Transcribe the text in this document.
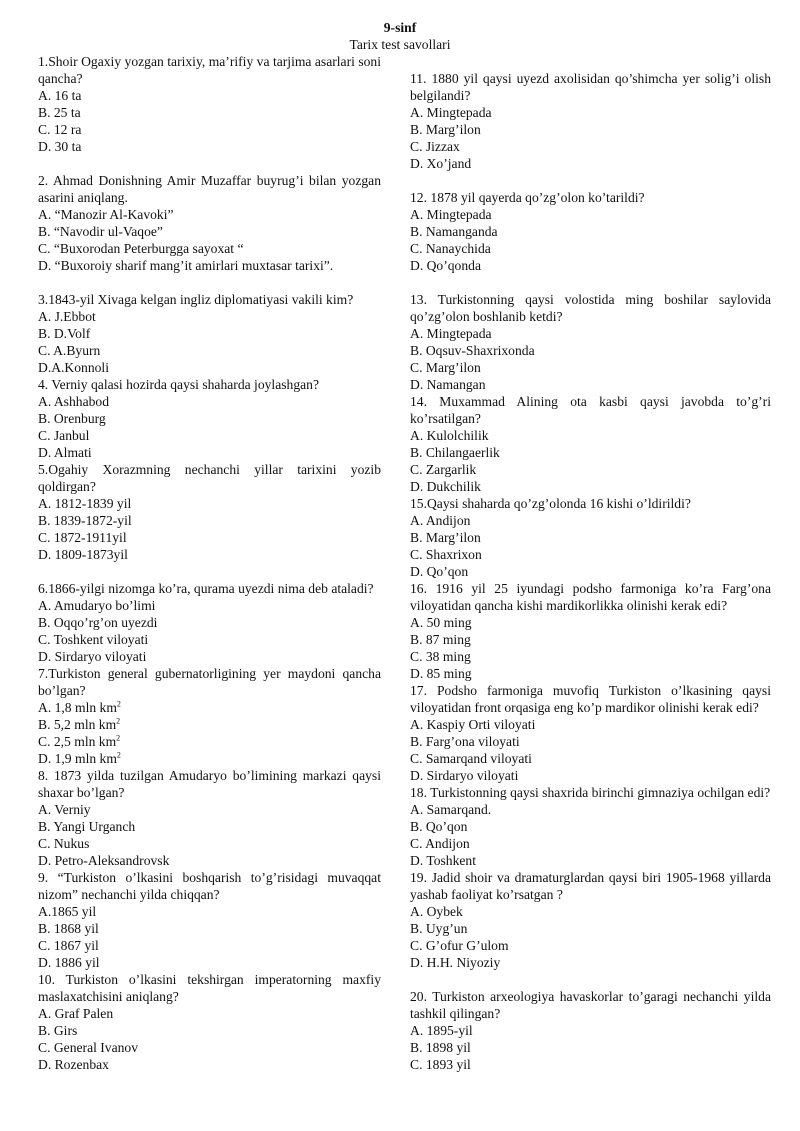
9-sinf
Tarix test savollari
1.Shoir Ogaxiy yozgan tarixiy, ma’rifiy va tarjima asarlari soni qancha?
A. 16 ta
B. 25 ta
C. 12 ra
D. 30 ta
2. Ahmad Donishning Amir Muzaffar buyrug’i bilan yozgan asarini aniqlang.
A. “Manozir Al-Kavoki”
B. “Navodir ul-Vaqoe”
C. “Buxorodan Peterburgga sayoxat “
D. “Buxoroiy sharif mang’it amirlari muxtasar tarixi”.
3.1843-yil Xivaga kelgan ingliz diplomatiyasi vakili kim?
A. J.Ebbot
B. D.Volf
C. A.Byurn
D.A.Konnoli
4. Verniy qalasi hozirda qaysi shaharda joylashgan?
A. Ashhabod
B. Orenburg
C. Janbul
D. Almati
5.Ogahiy Xorazmning nechanchi yillar tarixini yozib qoldirgan?
A. 1812-1839 yil
B. 1839-1872-yil
C. 1872-1911yil
D. 1809-1873yil
6.1866-yilgi nizomga ko’ra, qurama uyezdi nima deb ataladi?
A. Amudaryo bo’limi
B. Oqqo’rg’on uyezdi
C. Toshkent viloyati
D. Sirdaryo viloyati
7.Turkiston general gubernatorligining yer maydoni qancha bo’lgan?
A. 1,8 mln $km^2$
B. 5,2 mln $km^2$
C. 2,5 mln $km^2$
D. 1,9 mln $km^2$
8. 1873 yilda tuzilgan Amudaryo bo’limining markazi qaysi shaxar bo’lgan?
A. Verniy
B. Yangi Urganch
C. Nukus
D. Petro-Aleksandrovsk
9. “Turkiston o’lkasini boshqarish to’g’risidagi muvaqqat nizom” nechanchi yilda chiqqan?
A.1865 yil
B. 1868 yil
C. 1867 yil
D. 1886 yil
10. Turkiston o’lkasini tekshirgan imperatorning maxfiy maslaxatchisini aniqlang?
A. Graf Palen
B. Girs
C. General Ivanov
D. Rozenbax
11. 1880 yil qaysi uyezd axolisidan qo’shimcha yer solig’i olish belgilandi?
A. Mingtepada
B. Marg’ilon
C. Jizzax
D. Xo’jand
12. 1878 yil qayerda qo’zg’olon ko’tarildi?
A. Mingtepada
B. Namanganda
C. Nanaychida
D. Qo’qonda
13. Turkistonning qaysi volostida ming boshilar saylovida qo’zg’olon boshlanib ketdi?
A. Mingtepada
B. Oqsuv-Shaxrixonda
C. Marg’ilon
D. Namangan
14. Muxammad Alining ota kasbi qaysi javobda to’g’ri ko’rsatilgan?
A. Kulolchilik
B. Chilangaerlik
C. Zargarlik
D. Dukchilik
15.Qaysi shaharda qo’zg’olonda 16 kishi o’ldirildi?
A. Andijon
B. Marg’ilon
C. Shaxrixon
D. Qo’qon
16. 1916 yil 25 iyundagi podsho farmoniga ko’ra Farg’ona viloyatidan qancha kishi mardikorlikka olinishi kerak edi?
A. 50 ming
B. 87 ming
C. 38 ming
D. 85 ming
17. Podsho farmoniga muvofiq Turkiston o’lkasining qaysi viloyatidan front orqasiga eng ko’p mardikor olinishi kerak edi?
A. Kaspiy Orti viloyati
B. Farg’ona viloyati
C. Samarqand viloyati
D. Sirdaryo viloyati
18. Turkistonning qaysi shaxrida birinchi gimnaziya ochilgan edi?
A. Samarqand.
B. Qo’qon
C. Andijon
D. Toshkent
19. Jadid shoir va dramaturglardan qaysi biri 1905-1968 yillarda yashab faoliyat ko’rsatgan ?
A. Oybek
B. Uyg’un
C. G’ofur G’ulom
D. H.H. Niyoziy
20. Turkiston arxeologiya havaskorlar to’garagi nechanchi yilda tashkil qilingan?
A. 1895-yil
B. 1898 yil
C. 1893 yil
